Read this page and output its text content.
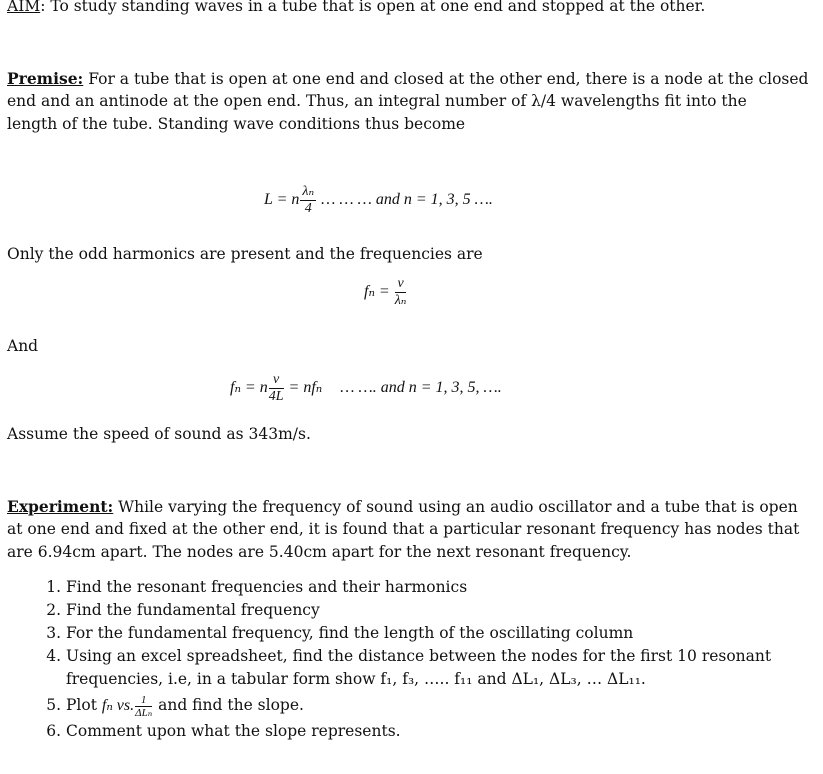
AIM: To study standing waves in a tube that is open at one end and stopped at the other.
Premise: For a tube that is open at one end and closed at the other end, there is a node at the closed
end and an antinode at the open end. Thus, an integral number of λ/4 wavelengths fit into the
length of the tube. Standing wave conditions thus become
L = n $\frac{\text{λₙ}}{4}$ … … … and n = 1, 3, 5 ….
Only the odd harmonics are present and the frequencies are
$f_n = \frac{v}{\text{λₙ}}$
And
fₙ = n $\frac{v}{4L} = nf_n$ … …. and n = 1, 3, 5, ….
Assume the speed of sound as 343m/s.
Experiment: While varying the frequency of sound using an audio oscillator and a tube that is open
at one end and fixed at the other end, it is found that a particular resonant frequency has nodes that
are 6.94cm apart. The nodes are 5.40cm apart for the next resonant frequency.
1. Find the resonant frequencies and their harmonics
2. Find the fundamental frequency
3. For the fundamental frequency, find the length of the oscillating column
4. Using an excel spreadsheet, find the distance between the nodes for the first 10 resonant
frequencies, i.e, in a tabular form show f₁, f₃, ….. f₁₁ and ΔL₁, ΔL₃, … ΔL₁₁.
5. Plot fₙ vs. $\frac{1}{\text{ΔLₙ}}$ and find the slope.
6. Comment upon what the slope represents.
